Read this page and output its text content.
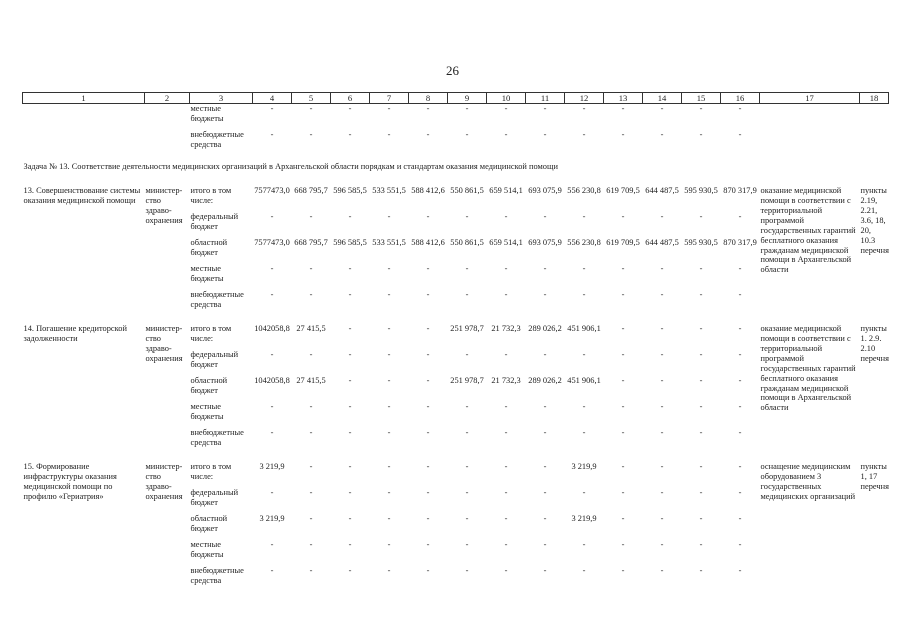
26
1	2	3	4	5	6	7	8	9	10	11	12	13	14	15	16	17	18
		местные бюджеты	-	-	-	-	-	-	-	-	-	-	-	-	-		
		внебюджетные средства	-	-	-	-	-	-	-	-	-	-	-	-	-		
Задача № 13. Соответствие деятельности медицинских организаций в Архангельской области порядкам и стандартам оказания медицинской помощи																	
13. Совершенствование системы оказания медицинской помощи	министер-ство здраво-охранения	итого в том числе:	7577473,0	668 795,7	596 585,5	533 551,5	588 412,6	550 861,5	659 514,1	693 075,9	556 230,8	619 709,5	644 487,5	595 930,5	870 317,9	оказание медицинской помощи в соответствии с территориальной программой государственных гарантий бесплатного оказания гражданам медицинской помощи в Архангельской области	пункты 2.19, 2.21, 3.6, 18, 20, 10.3 перечня
		федеральный бюджет	-	-	-	-	-	-	-	-	-	-	-	-	-		
		областной бюджет	7577473,0	668 795,7	596 585,5	533 551,5	588 412,6	550 861,5	659 514,1	693 075,9	556 230,8	619 709,5	644 487,5	595 930,5	870 317,9		
		местные бюджеты	-	-	-	-	-	-	-	-	-	-	-	-	-		
		внебюджетные средства	-	-	-	-	-	-	-	-	-	-	-	-	-		

14. Погашение кредиторской задолженности	министер-ство здраво-охранения	итого в том числе:	1042058,8	27 415,5	-	-	-	251 978,7	21 732,3	289 026,2	451 906,1	-	-	-	-	оказание медицинской помощи в соответствии с территориальной программой государственных гарантий бесплатного оказания гражданам медицинской помощи в Архангельской области	пункты 1. 2.9. 2.10 перечня
		федеральный бюджет	-	-	-	-	-	-	-	-	-	-	-	-	-		
		областной бюджет	1042058,8	27 415,5	-	-	-	251 978,7	21 732,3	289 026,2	451 906,1	-	-	-	-		
		местные бюджеты	-	-	-	-	-	-	-	-	-	-	-	-	-		
		внебюджетные средства	-	-	-	-	-	-	-	-	-	-	-	-	-		

15. Формирование инфраструктуры оказания медицинской помощи по профилю «Гериатрия»	министер-ство здраво-охранения	итого в том числе:	3 219,9	-	-	-	-	-	-	-	3 219,9	-	-	-	-	оснащение медицинским оборудованием 3 государственных медицинских организаций	пункты 1, 17 перечня
		федеральный бюджет	-	-	-	-	-	-	-	-	-	-	-	-	-		
		областной бюджет	3 219,9	-	-	-	-	-	-	-	3 219,9	-	-	-	-		
		местные бюджеты	-	-	-	-	-	-	-	-	-	-	-	-	-		
		внебюджетные средства	-	-	-	-	-	-	-	-	-	-	-	-	-		
